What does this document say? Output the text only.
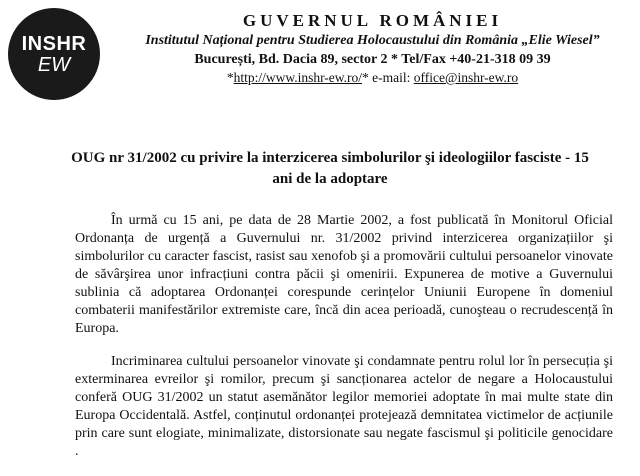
INSHR
EW
GUVERNUL ROMÂNIEI
Institutul Național pentru Studierea Holocaustului din România „Elie Wiesel”
București, Bd. Dacia 89, sector 2 * Tel/Fax +40-21-318 09 39
*http://www.inshr-ew.ro/* e-mail: office@inshr-ew.ro
OUG nr 31/2002 cu privire la interzicerea simbolurilor şi ideologiilor fasciste - 15 ani de la adoptare

În urmă cu 15 ani, pe data de 28 Martie 2002, a fost publicată în Monitorul Oficial Ordonanța de urgență a Guvernului nr. 31/2002 privind interzicerea organizațiilor şi simbolurilor cu caracter fascist, rasist sau xenofob şi a promovării cultului persoanelor vinovate de săvârşirea unor infracțiuni contra păcii şi omenirii. Expunerea de motive a Guvernului sublinia că adoptarea Ordonanței corespunde cerințelor Uniunii Europene în domeniul combaterii manifestărilor extremiste care, încă din acea perioadă, cunoşteau o recrudescență în Europa.

Incriminarea cultului persoanelor vinovate şi condamnate pentru rolul lor în persecuția şi exterminarea evreilor şi romilor, precum şi sancționarea actelor de negare a Holocaustului conferă OUG 31/2002 un statut asemănător legilor memoriei adoptate în mai multe state din Europa Occidentală. Astfel, conținutul ordonanței protejează demnitatea victimelor de acțiunile prin care sunt elogiate, minimalizate, distorsionate sau negate fascismul şi politicile genocidare .
